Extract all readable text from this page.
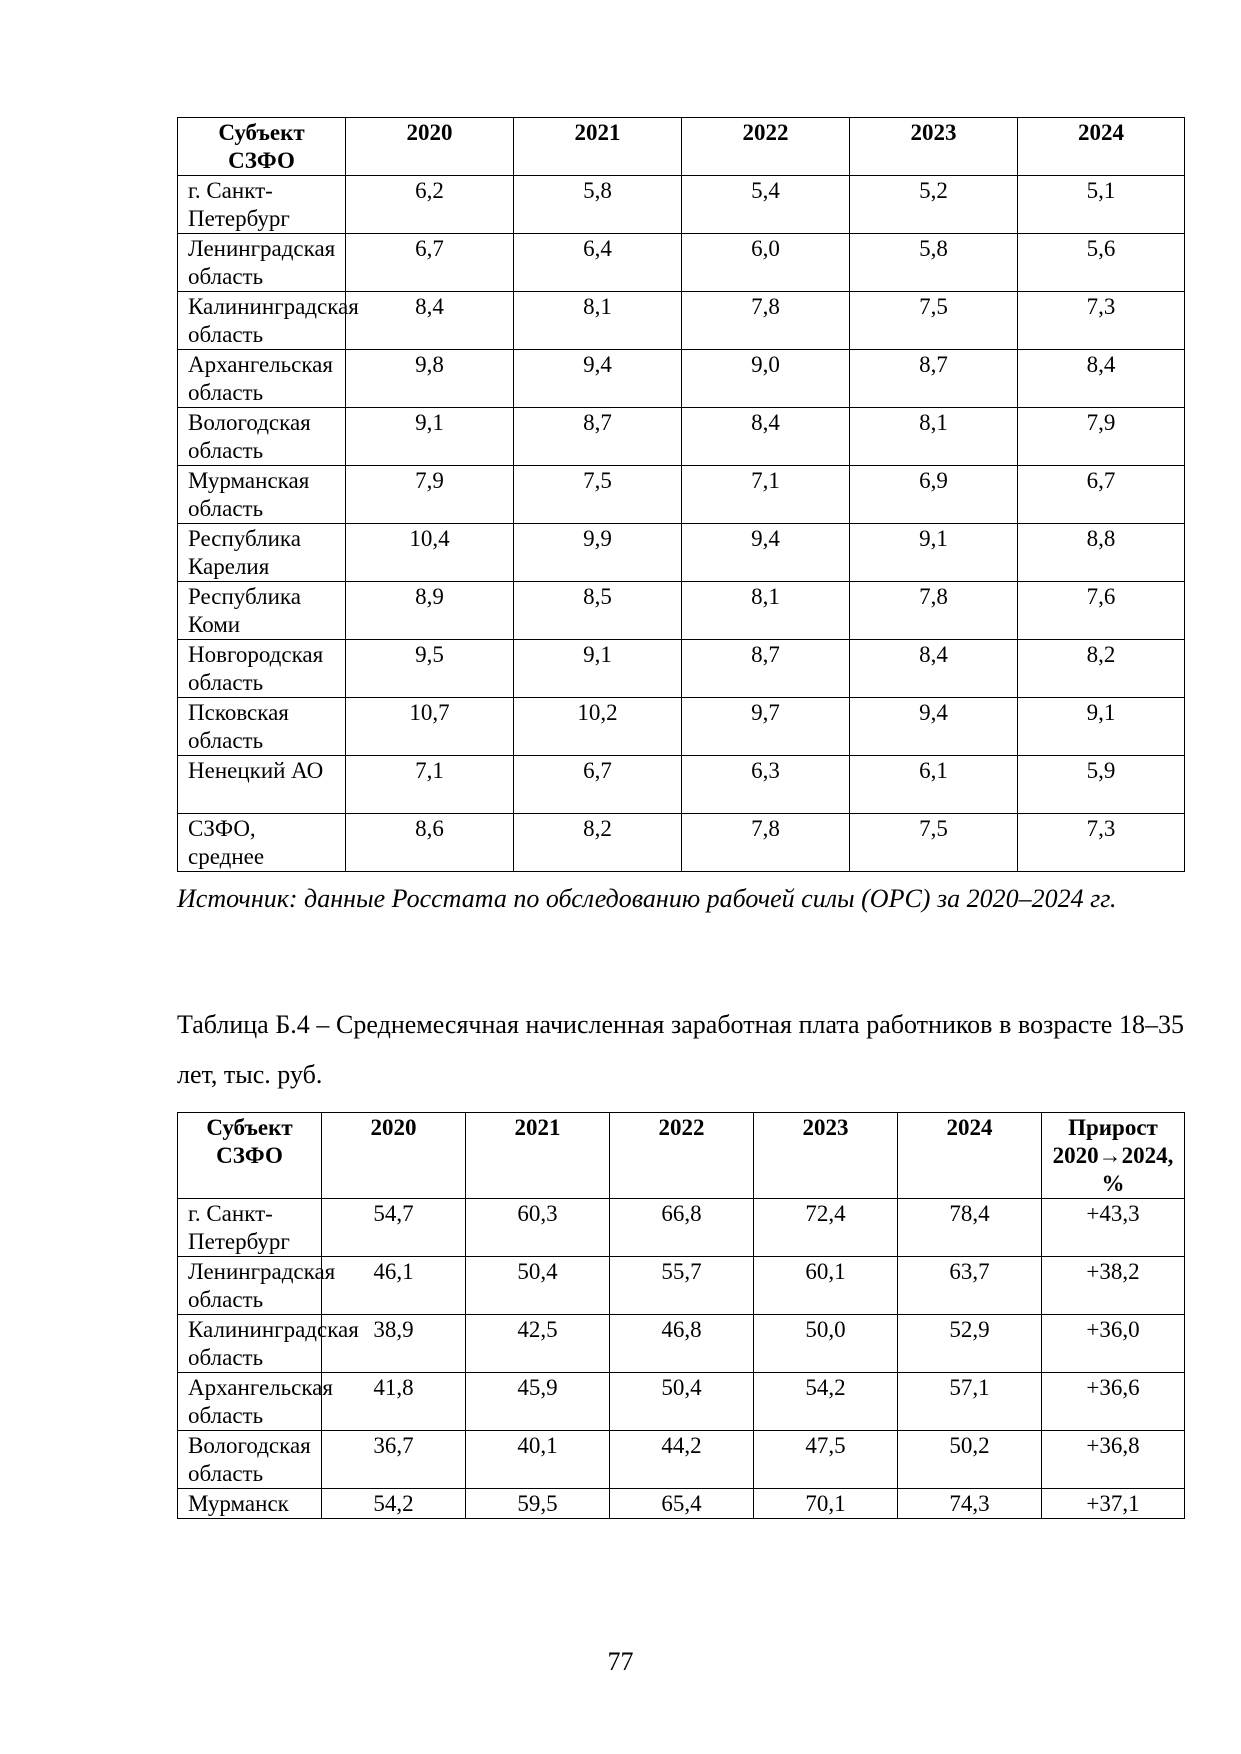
Субъект СЗФО	2020	2021	2022	2023	2024
г. Санкт-Петербург	6,2	5,8	5,4	5,2	5,1
Ленинградская область	6,7	6,4	6,0	5,8	5,6
Калининградская область	8,4	8,1	7,8	7,5	7,3
Архангельская область	9,8	9,4	9,0	8,7	8,4
Вологодская область	9,1	8,7	8,4	8,1	7,9
Мурманская область	7,9	7,5	7,1	6,9	6,7
Республика Карелия	10,4	9,9	9,4	9,1	8,8
Республика Коми	8,9	8,5	8,1	7,8	7,6
Новгородская область	9,5	9,1	8,7	8,4	8,2
Псковская область	10,7	10,2	9,7	9,4	9,1
Ненецкий АО	7,1	6,7	6,3	6,1	5,9
СЗФО, среднее	8,6	8,2	7,8	7,5	7,3
Источник: данные Росстата по обследованию рабочей силы (ОРС) за 2020–2024 гг.
Таблица Б.4 – Среднемесячная начисленная заработная плата работников в возрасте 18–35 лет, тыс. руб.
Субъект СЗФО	2020	2021	2022	2023	2024	Прирост 2020→2024, %
г. Санкт-Петербург	54,7	60,3	66,8	72,4	78,4	+43,3
Ленинградская область	46,1	50,4	55,7	60,1	63,7	+38,2
Калининградская область	38,9	42,5	46,8	50,0	52,9	+36,0
Архангельская область	41,8	45,9	50,4	54,2	57,1	+36,6
Вологодская область	36,7	40,1	44,2	47,5	50,2	+36,8
Мурманск	54,2	59,5	65,4	70,1	74,3	+37,1
77
